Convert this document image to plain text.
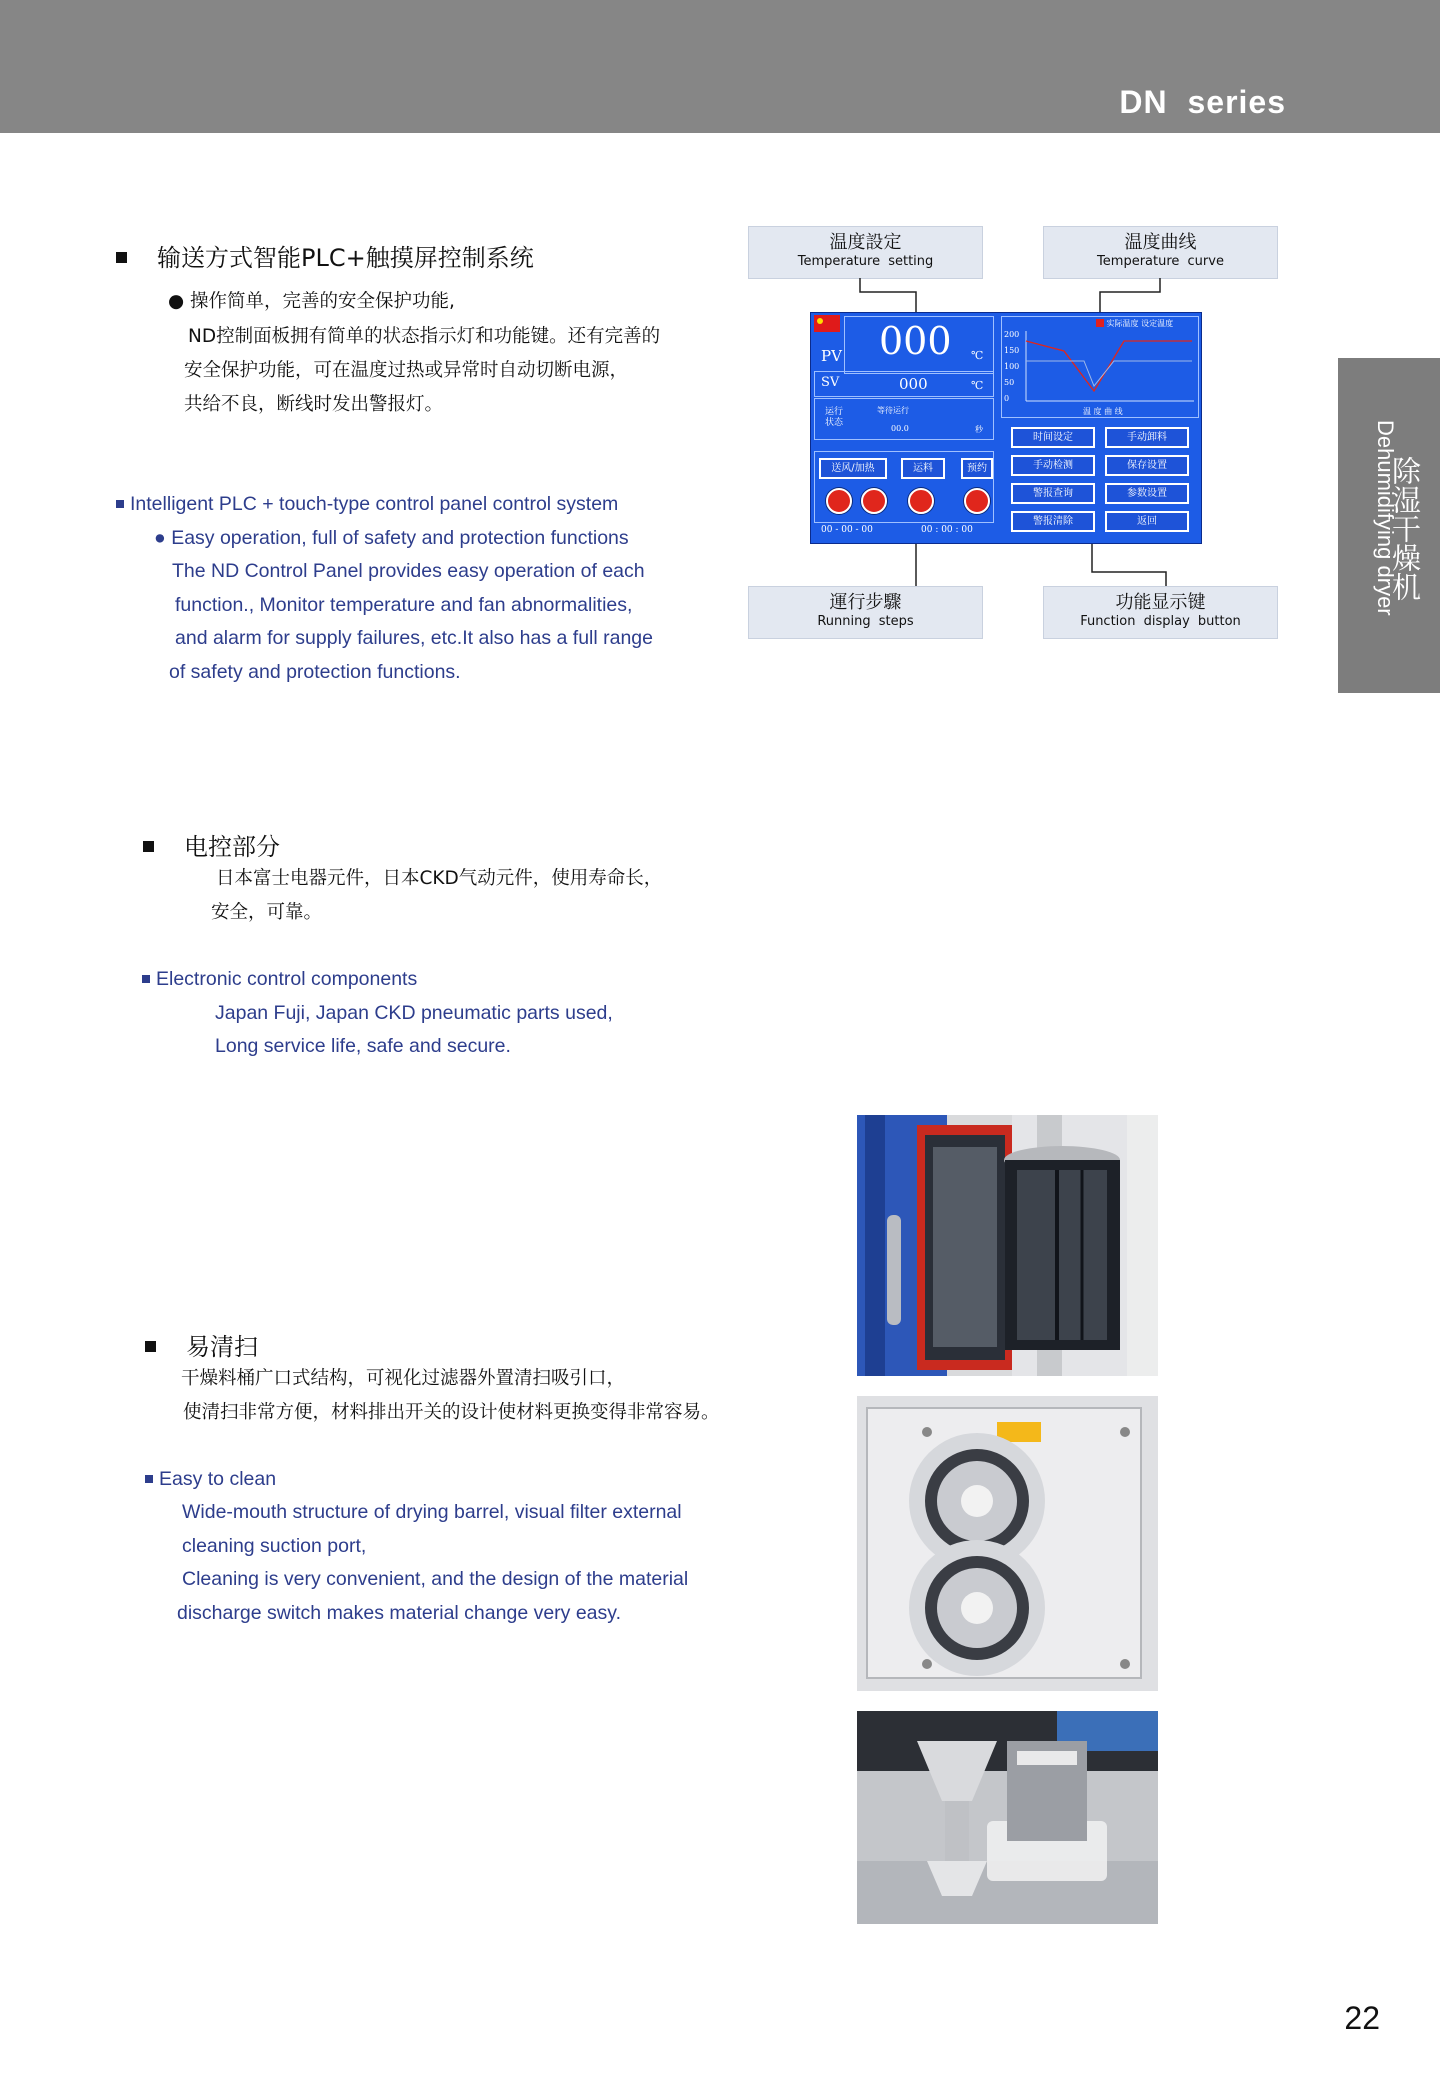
DN series
除湿干燥机
Dehumidifying dryer
输送方式智能PLC+触摸屏控制系统
● 操作简单，完善的安全保护功能,
ND控制面板拥有简单的状态指示灯和功能键。还有完善的
安全保护功能，可在温度过热或异常时自动切断电源，
共给不良，断线时发出警报灯。
Intelligent PLC + touch-type control panel control system
● Easy operation, full of safety and protection functions
The ND Control Panel provides easy operation of each
function., Monitor temperature and fan abnormalities,
and alarm for supply failures, etc.It also has a full range
of safety and protection functions.
温度設定
Temperature setting
温度曲线
Temperature curve
運行步驟
Running steps
功能显示键
Function display button
PV 000 ℃
SV	000	℃
运行
状态
等待运行
00.0	秒
送风/加热	运料	预约
00 - 00 - 00	00 : 00 : 00
实际温度 设定温度
200
150
100
50
0
温 度 曲 线
时间设定	手动卸料
手动检测	保存设置
警报查询	参数设置
警报清除	返回
电控部分
日本富士电器元件，日本CKD气动元件，使用寿命长，
安全，可靠。
Electronic control components
Japan Fuji, Japan CKD pneumatic parts used,
Long service life, safe and secure.
易清扫
干燥料桶广口式结构，可视化过滤器外置清扫吸引口，
使清扫非常方便，材料排出开关的设计使材料更换变得非常容易。
Easy to clean
Wide-mouth structure of drying barrel, visual filter external
cleaning suction port,
Cleaning is very convenient, and the design of the material
discharge switch makes material change very easy.
22
